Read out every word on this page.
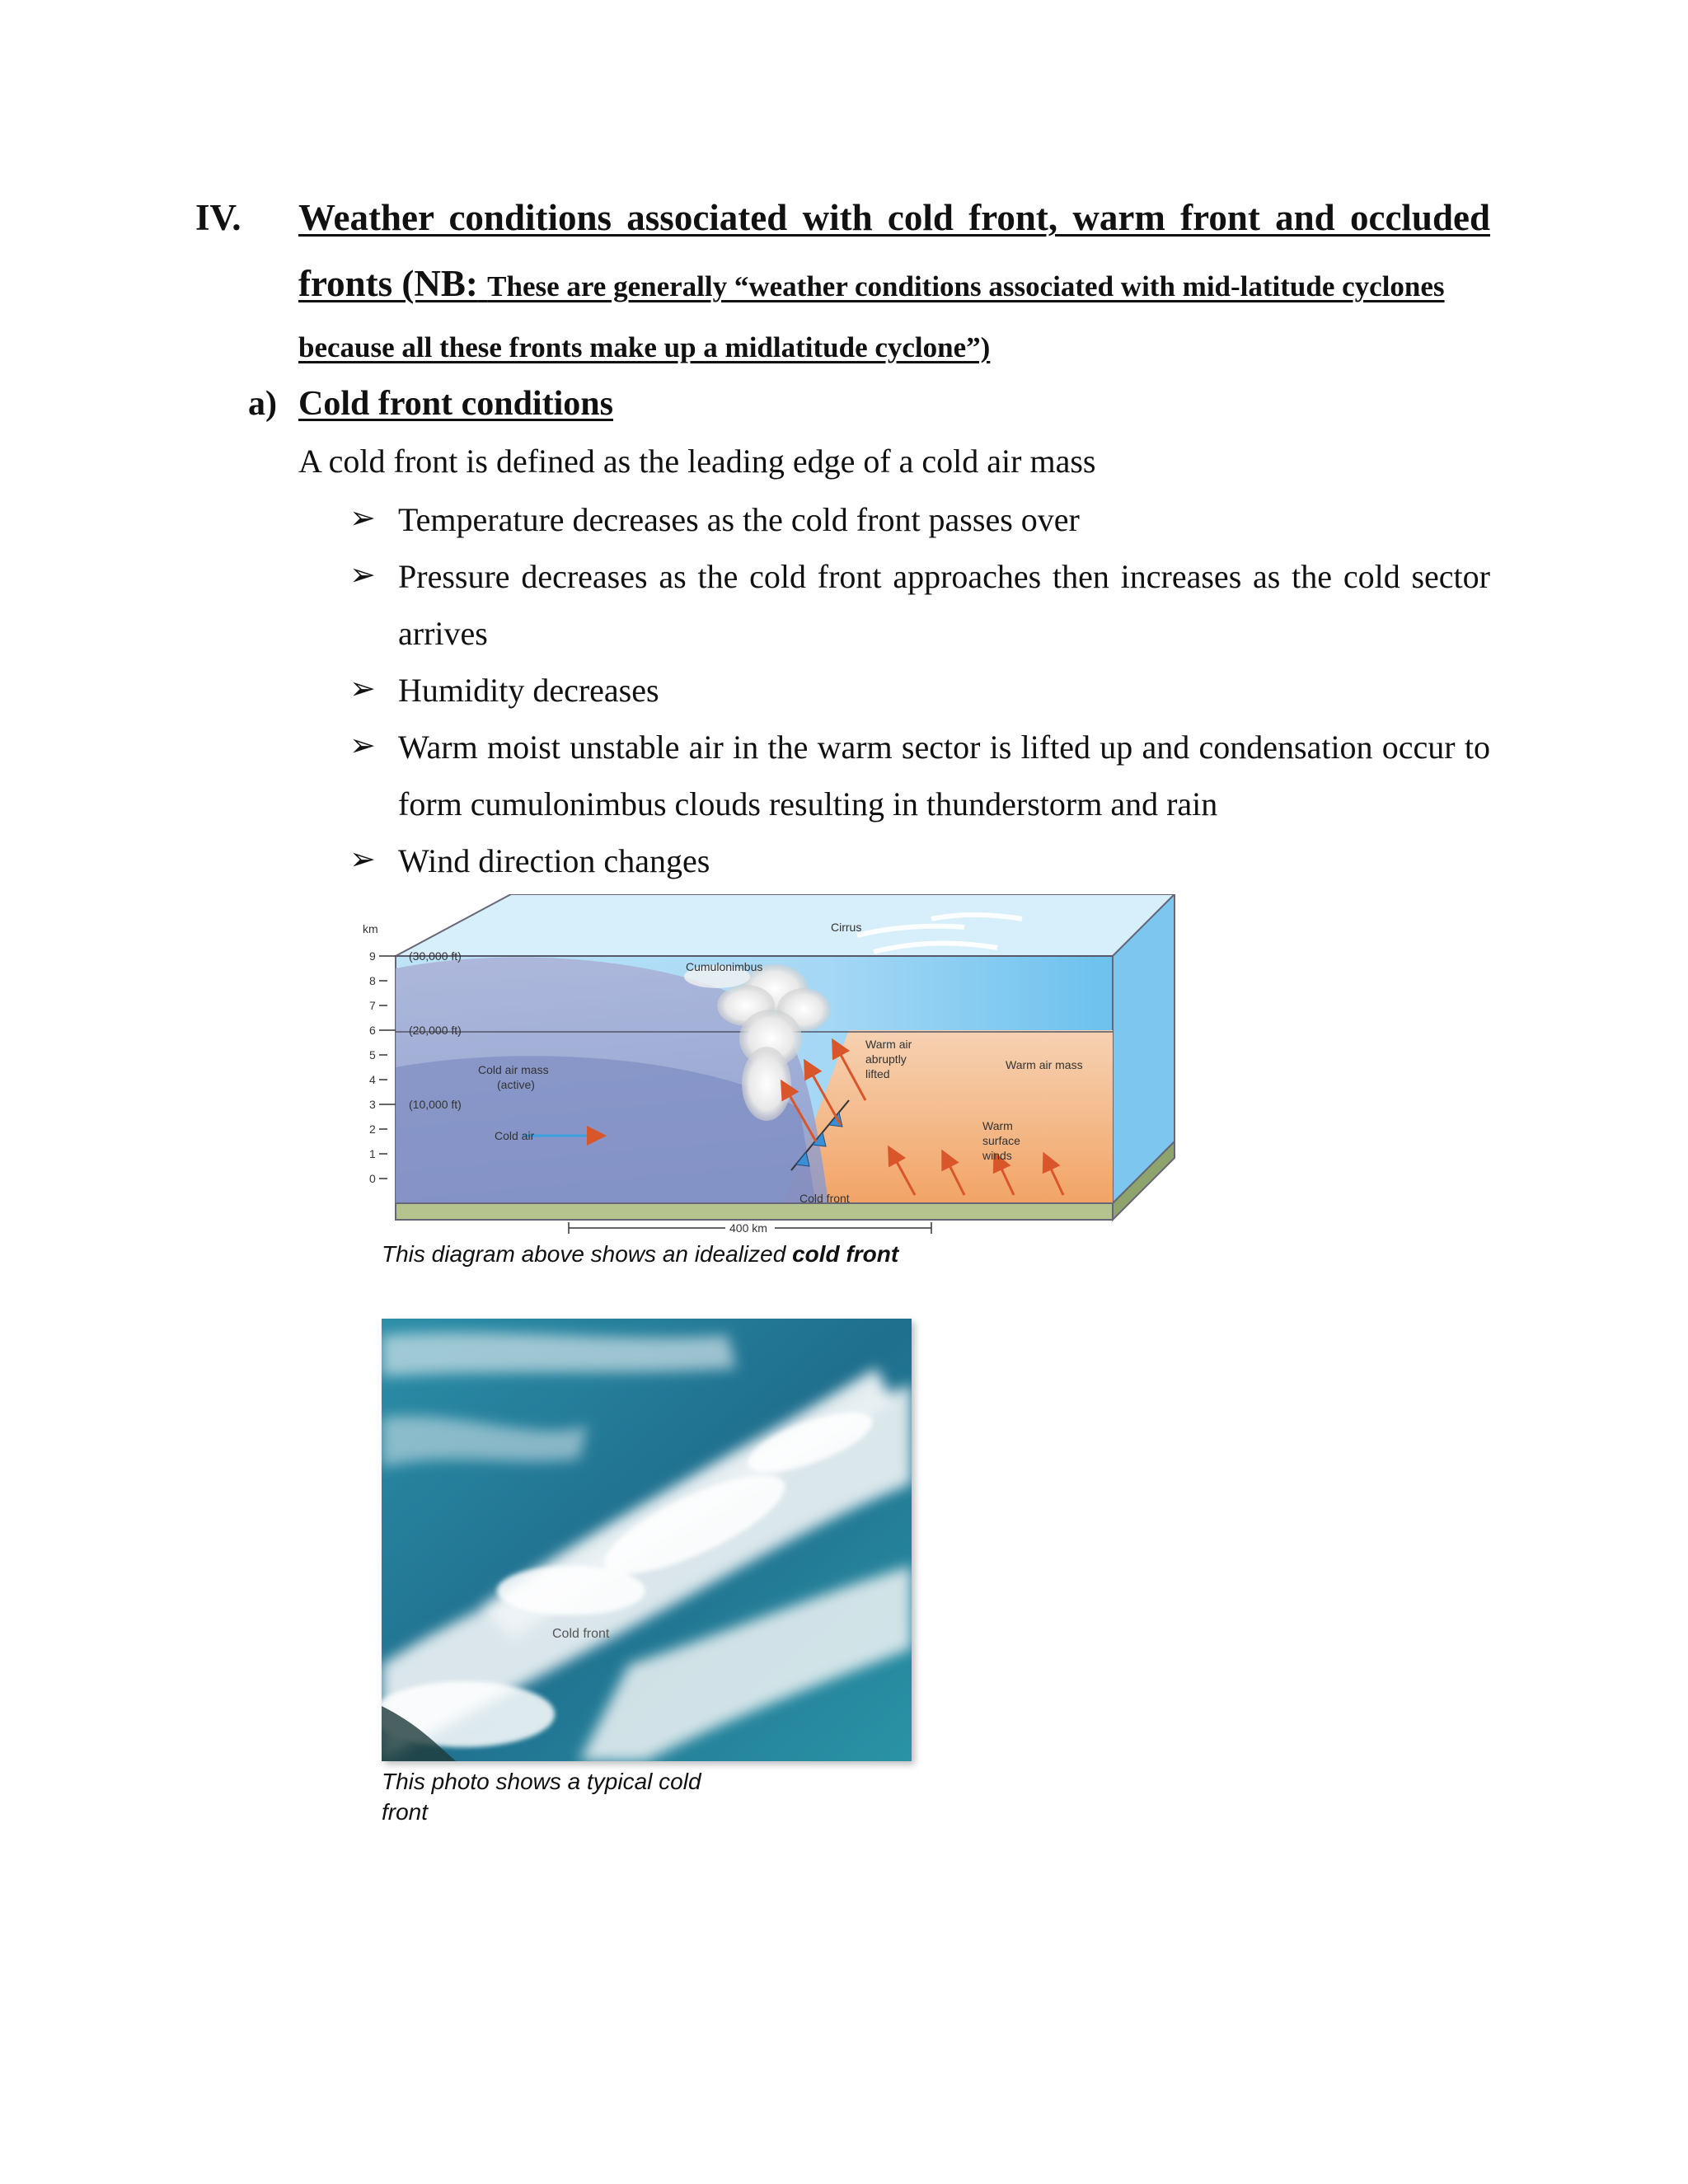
IV. Weather conditions associated with cold front, warm front and occluded
fronts (NB: These are generally “weather conditions associated with mid-latitude cyclones
because all these fronts make up a midlatitude cyclone”)
a) Cold front conditions
A cold front is defined as the leading edge of a cold air mass
➢ Temperature decreases as the cold front passes over
➢ Pressure decreases as the cold front approaches then increases as the cold sector
arrives
➢ Humidity decreases
➢ Warm moist unstable air in the warm sector is lifted up and condensation occur to
form cumulonimbus clouds resulting in thunderstorm and rain
➢ Wind direction changes
km
9
8
7
6
5
4
3
2
1
0
(30,000 ft)
(20,000 ft)
(10,000 ft)
Cirrus
Cumulonimbus
Cold air mass
(active)
Cold air
Warm air
abruptly
lifted
Warm air mass
Warm
surface
winds
Cold front
400 km
This diagram above shows an idealized cold front
Cold front
This photo shows a typical cold
front
